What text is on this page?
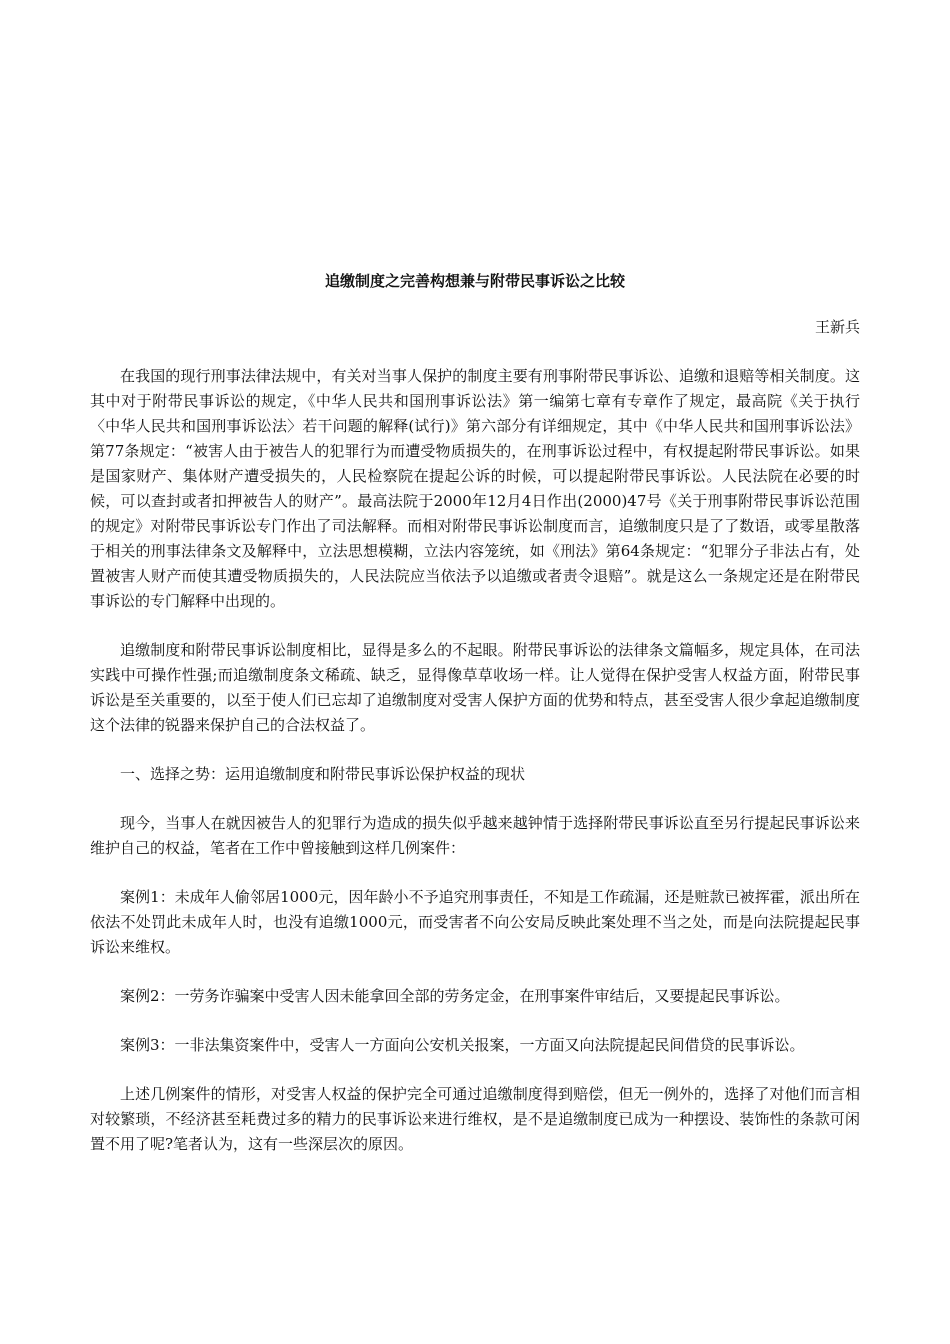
追缴制度之完善构想兼与附带民事诉讼之比较

王新兵

在我国的现行刑事法律法规中，有关对当事人保护的制度主要有刑事附带民事诉讼、追缴和退赔等相关制度。这其中对于附带民事诉讼的规定，《中华人民共和国刑事诉讼法》第一编第七章有专章作了规定，最高院《关于执行〈中华人民共和国刑事诉讼法〉若干问题的解释(试行)》第六部分有详细规定，其中《中华人民共和国刑事诉讼法》第77条规定：“被害人由于被告人的犯罪行为而遭受物质损失的，在刑事诉讼过程中，有权提起附带民事诉讼。如果是国家财产、集体财产遭受损失的，人民检察院在提起公诉的时候，可以提起附带民事诉讼。人民法院在必要的时候，可以查封或者扣押被告人的财产”。最高法院于2000年12月4日作出(2000)47号《关于刑事附带民事诉讼范围的规定》对附带民事诉讼专门作出了司法解释。而相对附带民事诉讼制度而言，追缴制度只是了了数语，或零星散落于相关的刑事法律条文及解释中，立法思想模糊，立法内容笼统，如《刑法》第64条规定：“犯罪分子非法占有，处置被害人财产而使其遭受物质损失的，人民法院应当依法予以追缴或者责令退赔”。就是这么一条规定还是在附带民事诉讼的专门解释中出现的。

追缴制度和附带民事诉讼制度相比，显得是多么的不起眼。附带民事诉讼的法律条文篇幅多，规定具体，在司法实践中可操作性强;而追缴制度条文稀疏、缺乏，显得像草草收场一样。让人觉得在保护受害人权益方面，附带民事诉讼是至关重要的，以至于使人们已忘却了追缴制度对受害人保护方面的优势和特点，甚至受害人很少拿起追缴制度这个法律的锐器来保护自己的合法权益了。

一、选择之势：运用追缴制度和附带民事诉讼保护权益的现状

现今，当事人在就因被告人的犯罪行为造成的损失似乎越来越钟情于选择附带民事诉讼直至另行提起民事诉讼来维护自己的权益，笔者在工作中曾接触到这样几例案件：

案例1：未成年人偷邻居1000元，因年龄小不予追究刑事责任，不知是工作疏漏，还是赃款已被挥霍，派出所在依法不处罚此未成年人时，也没有追缴1000元，而受害者不向公安局反映此案处理不当之处，而是向法院提起民事诉讼来维权。

案例2：一劳务诈骗案中受害人因未能拿回全部的劳务定金，在刑事案件审结后，又要提起民事诉讼。

案例3：一非法集资案件中，受害人一方面向公安机关报案，一方面又向法院提起民间借贷的民事诉讼。

上述几例案件的情形，对受害人权益的保护完全可通过追缴制度得到赔偿，但无一例外的，选择了对他们而言相对较繁琐，不经济甚至耗费过多的精力的民事诉讼来进行维权，是不是追缴制度已成为一种摆设、装饰性的条款可闲置不用了呢?笔者认为，这有一些深层次的原因。
